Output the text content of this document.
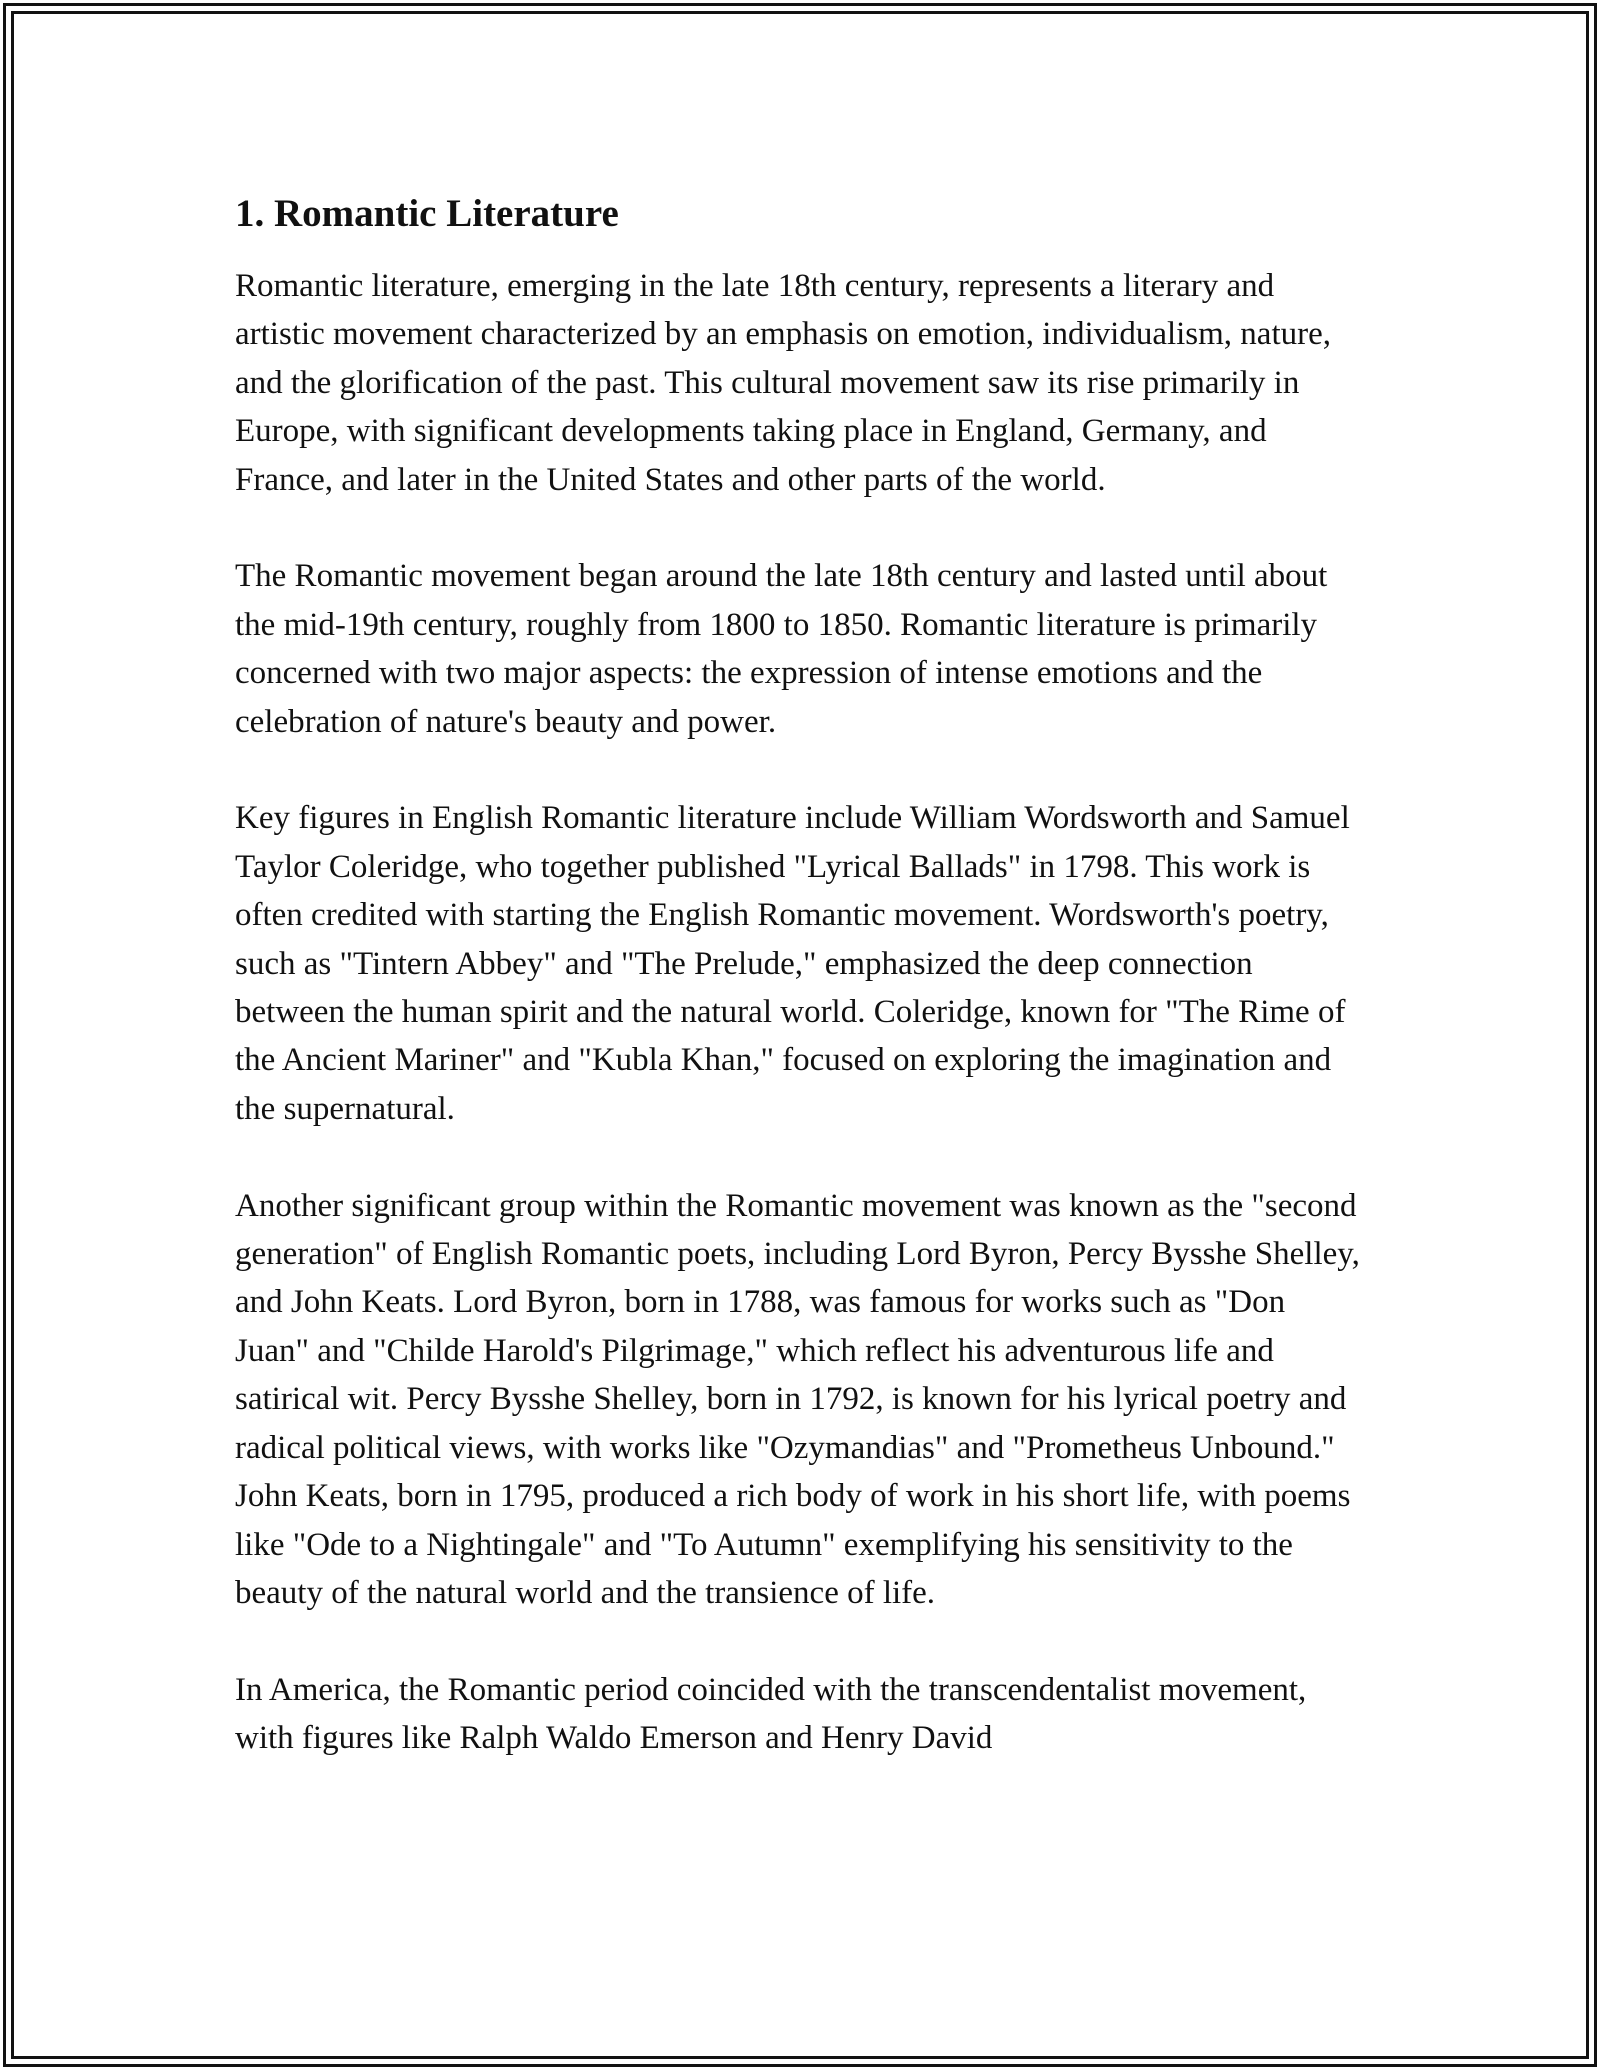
1. Romantic Literature

Romantic literature, emerging in the late 18th century, represents a literary and artistic movement characterized by an emphasis on emotion, individualism, nature, and the glorification of the past. This cultural movement saw its rise primarily in Europe, with significant developments taking place in England, Germany, and France, and later in the United States and other parts of the world.

The Romantic movement began around the late 18th century and lasted until about the mid-19th century, roughly from 1800 to 1850. Romantic literature is primarily concerned with two major aspects: the expression of intense emotions and the celebration of nature's beauty and power.

Key figures in English Romantic literature include William Wordsworth and Samuel Taylor Coleridge, who together published "Lyrical Ballads" in 1798. This work is often credited with starting the English Romantic movement. Wordsworth's poetry, such as "Tintern Abbey" and "The Prelude," emphasized the deep connection between the human spirit and the natural world. Coleridge, known for "The Rime of the Ancient Mariner" and "Kubla Khan," focused on exploring the imagination and the supernatural.

Another significant group within the Romantic movement was known as the "second generation" of English Romantic poets, including Lord Byron, Percy Bysshe Shelley, and John Keats. Lord Byron, born in 1788, was famous for works such as "Don Juan" and "Childe Harold's Pilgrimage," which reflect his adventurous life and satirical wit. Percy Bysshe Shelley, born in 1792, is known for his lyrical poetry and radical political views, with works like "Ozymandias" and "Prometheus Unbound." John Keats, born in 1795, produced a rich body of work in his short life, with poems like "Ode to a Nightingale" and "To Autumn" exemplifying his sensitivity to the beauty of the natural world and the transience of life.

In America, the Romantic period coincided with the transcendentalist movement, with figures like Ralph Waldo Emerson and Henry David
